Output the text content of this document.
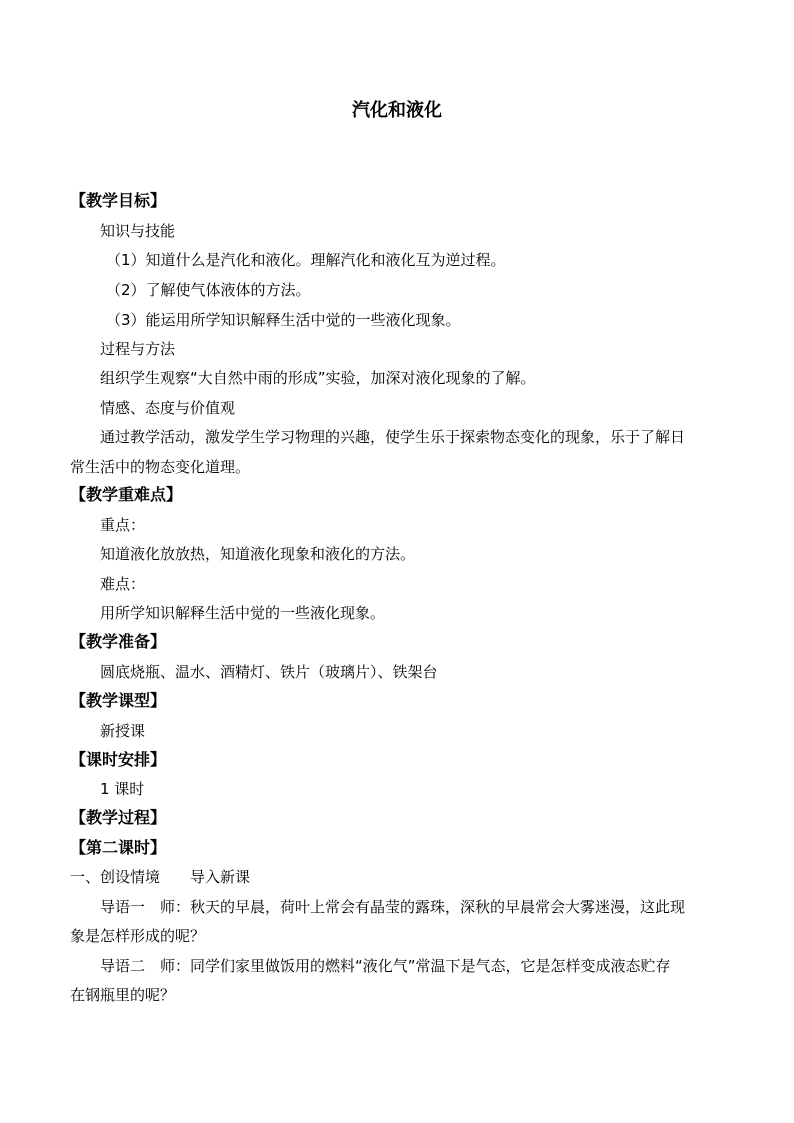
汽化和液化
【教学目标】
知识与技能
（1）知道什么是汽化和液化。理解汽化和液化互为逆过程。
（2）了解使气体液体的方法。
（3）能运用所学知识解释生活中觉的一些液化现象。
过程与方法
组织学生观察“大自然中雨的形成”实验，加深对液化现象的了解。
情感、态度与价值观
通过教学活动，激发学生学习物理的兴趣，使学生乐于探索物态变化的现象，乐于了解日
常生活中的物态变化道理。
【教学重难点】
重点：
知道液化放放热，知道液化现象和液化的方法。
难点：
用所学知识解释生活中觉的一些液化现象。
【教学准备】
圆底烧瓶、温水、酒精灯、铁片（玻璃片）、铁架台
【教学课型】
新授课
【课时安排】
1 课时
【教学过程】
【第二课时】
一、创设情境 导入新课
导语一　师：秋天的早晨，荷叶上常会有晶莹的露珠，深秋的早晨常会大雾迷漫，这此现
象是怎样形成的呢？
导语二　师：同学们家里做饭用的燃料“液化气”常温下是气态，它是怎样变成液态贮存
在钢瓶里的呢？
